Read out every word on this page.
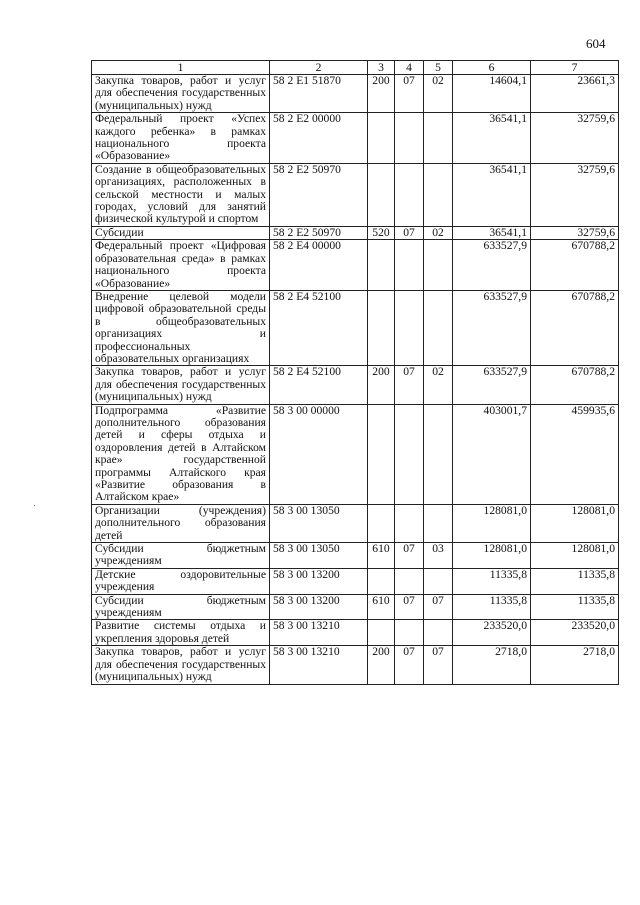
604
1	2	3	4	5	6	7
Закупка товаров, работ и услуг для обеспечения государственных (муниципальных) нужд	58 2 E1 51870	200	07	02	14604,1	23661,3
Федеральный проект «Успех каждого ребенка» в рамках национального проекта «Образование»	58 2 E2 00000				36541,1	32759,6
Создание в общеобразовательных организациях, расположенных в сельской местности и малых городах, условий для занятий физической культурой и спортом	58 2 E2 50970				36541,1	32759,6
Субсидии	58 2 E2 50970	520	07	02	36541,1	32759,6
Федеральный проект «Цифровая образовательная среда» в рамках национального проекта «Образование»	58 2 E4 00000				633527,9	670788,2
Внедрение целевой модели цифровой образовательной среды в общеобразовательных организациях и профессиональных образовательных организациях	58 2 E4 52100				633527,9	670788,2
Закупка товаров, работ и услуг для обеспечения государственных (муниципальных) нужд	58 2 E4 52100	200	07	02	633527,9	670788,2
Подпрограмма «Развитие дополнительного образования детей и сферы отдыха и оздоровления детей в Алтайском крае» государственной программы Алтайского края «Развитие образования в Алтайском крае»	58 3 00 00000				403001,7	459935,6
Организации (учреждения) дополнительного образования детей	58 3 00 13050				128081,0	128081,0
Субсидии бюджетным учреждениям	58 3 00 13050	610	07	03	128081,0	128081,0
Детские оздоровительные учреждения	58 3 00 13200				11335,8	11335,8
Субсидии бюджетным учреждениям	58 3 00 13200	610	07	07	11335,8	11335,8
Развитие системы отдыха и укрепления здоровья детей	58 3 00 13210				233520,0	233520,0
Закупка товаров, работ и услуг для обеспечения государственных (муниципальных) нужд	58 3 00 13210	200	07	07	2718,0	2718,0
